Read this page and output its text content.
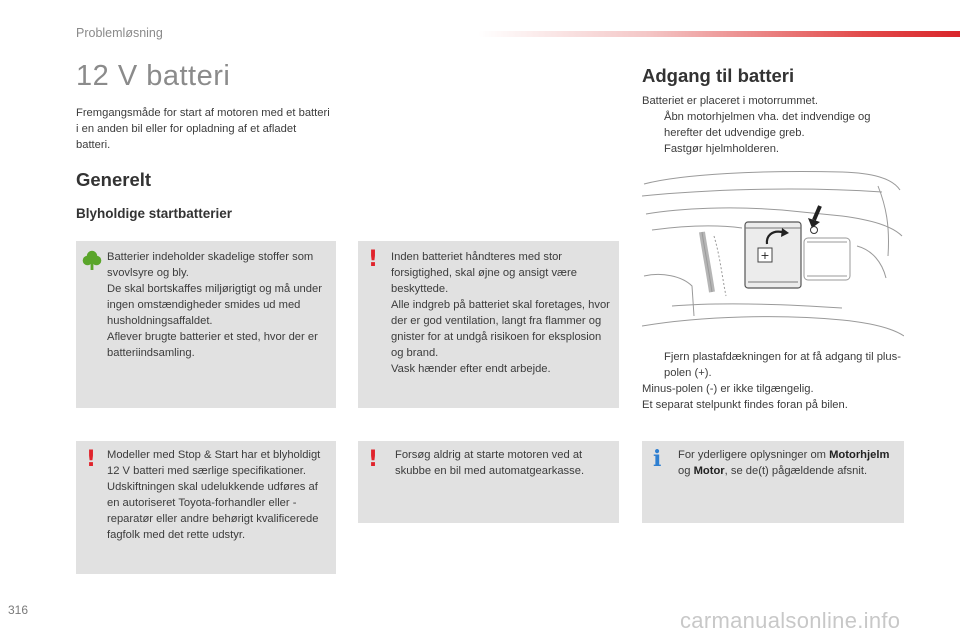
Problemløsning
12 V batteri
Fremgangsmåde for start af motoren med et batteri i en anden bil eller for opladning af et afladet batteri.
Generelt
Blyholdige startbatterier

Batterier indeholder skadelige stoffer som svovlsyre og bly.

De skal bortskaffes miljørigtigt og må under ingen omstændigheder smides ud med husholdningsaffaldet.

Aflever brugte batterier et sted, hvor der er batteriindsamling.

! Inden batteriet håndteres med stor forsigtighed, skal øjne og ansigt være beskyttede.

Alle indgreb på batteriet skal foretages, hvor der er god ventilation, langt fra flammer og gnister for at undgå risikoen for eksplosion og brand.

Vask hænder efter endt arbejde.

! Modeller med Stop & Start har et blyholdigt 12 V batteri med særlige specifikationer.

Udskiftningen skal udelukkende udføres af en autoriseret Toyota-forhandler eller -reparatør eller andre behørigt kvalificerede fagfolk med det rette udstyr.

! Forsøg aldrig at starte motoren ved at skubbe en bil med automatgearkasse.
Adgang til batteri

Batteriet er placeret i motorrummet.

Åbn motorhjelmen vha. det indvendige og herefter det udvendige greb.
Fastgør hjelmholderen.
+
Fjern plastafdækningen for at få adgang til plus-polen (+).

Minus-polen (-) er ikke tilgængelig.

Et separat stelpunkt findes foran på bilen.

i For yderligere oplysninger om Motorhjelm og Motor, se de(t) pågældende afsnit.
316	carmanualsonline.info
